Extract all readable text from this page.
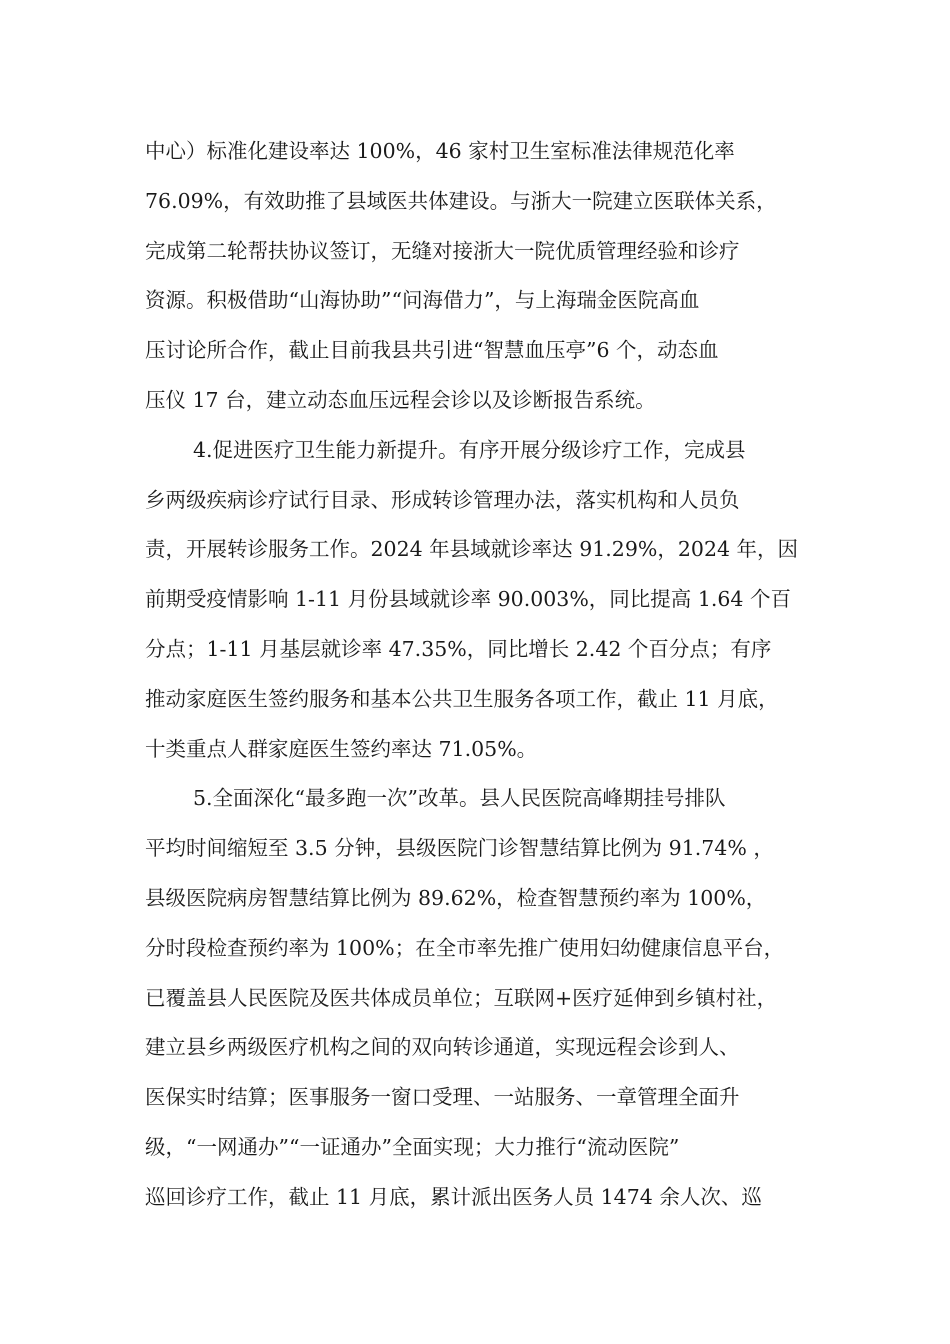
中心）标准化建设率达 100%，46 家村卫生室标准法律规范化率
76.09%，有效助推了县域医共体建设。与浙大一院建立医联体关系，
完成第二轮帮扶协议签订，无缝对接浙大一院优质管理经验和诊疗
资源。积极借助“山海协助”“问海借力”，与上海瑞金医院高血
压讨论所合作，截止目前我县共引进“智慧血压亭”6 个，动态血
压仪 17 台，建立动态血压远程会诊以及诊断报告系统。
4.促进医疗卫生能力新提升。有序开展分级诊疗工作，完成县
乡两级疾病诊疗试行目录、形成转诊管理办法，落实机构和人员负
责，开展转诊服务工作。2024 年县域就诊率达 91.29%，2024 年，因
前期受疫情影响 1-11 月份县域就诊率 90.003%，同比提高 1.64 个百
分点；1-11 月基层就诊率 47.35%，同比增长 2.42 个百分点；有序
推动家庭医生签约服务和基本公共卫生服务各项工作，截止 11 月底，
十类重点人群家庭医生签约率达 71.05%。
5.全面深化“最多跑一次”改革。县人民医院高峰期挂号排队
平均时间缩短至 3.5 分钟，县级医院门诊智慧结算比例为 91.74% ，
县级医院病房智慧结算比例为 89.62%，检查智慧预约率为 100%，
分时段检查预约率为 100%；在全市率先推广使用妇幼健康信息平台，
已覆盖县人民医院及医共体成员单位；互联网+医疗延伸到乡镇村社，
建立县乡两级医疗机构之间的双向转诊通道，实现远程会诊到人、
医保实时结算；医事服务一窗口受理、一站服务、一章管理全面升
级，“一网通办”“一证通办”全面实现；大力推行“流动医院”
巡回诊疗工作，截止 11 月底，累计派出医务人员 1474 余人次、巡
